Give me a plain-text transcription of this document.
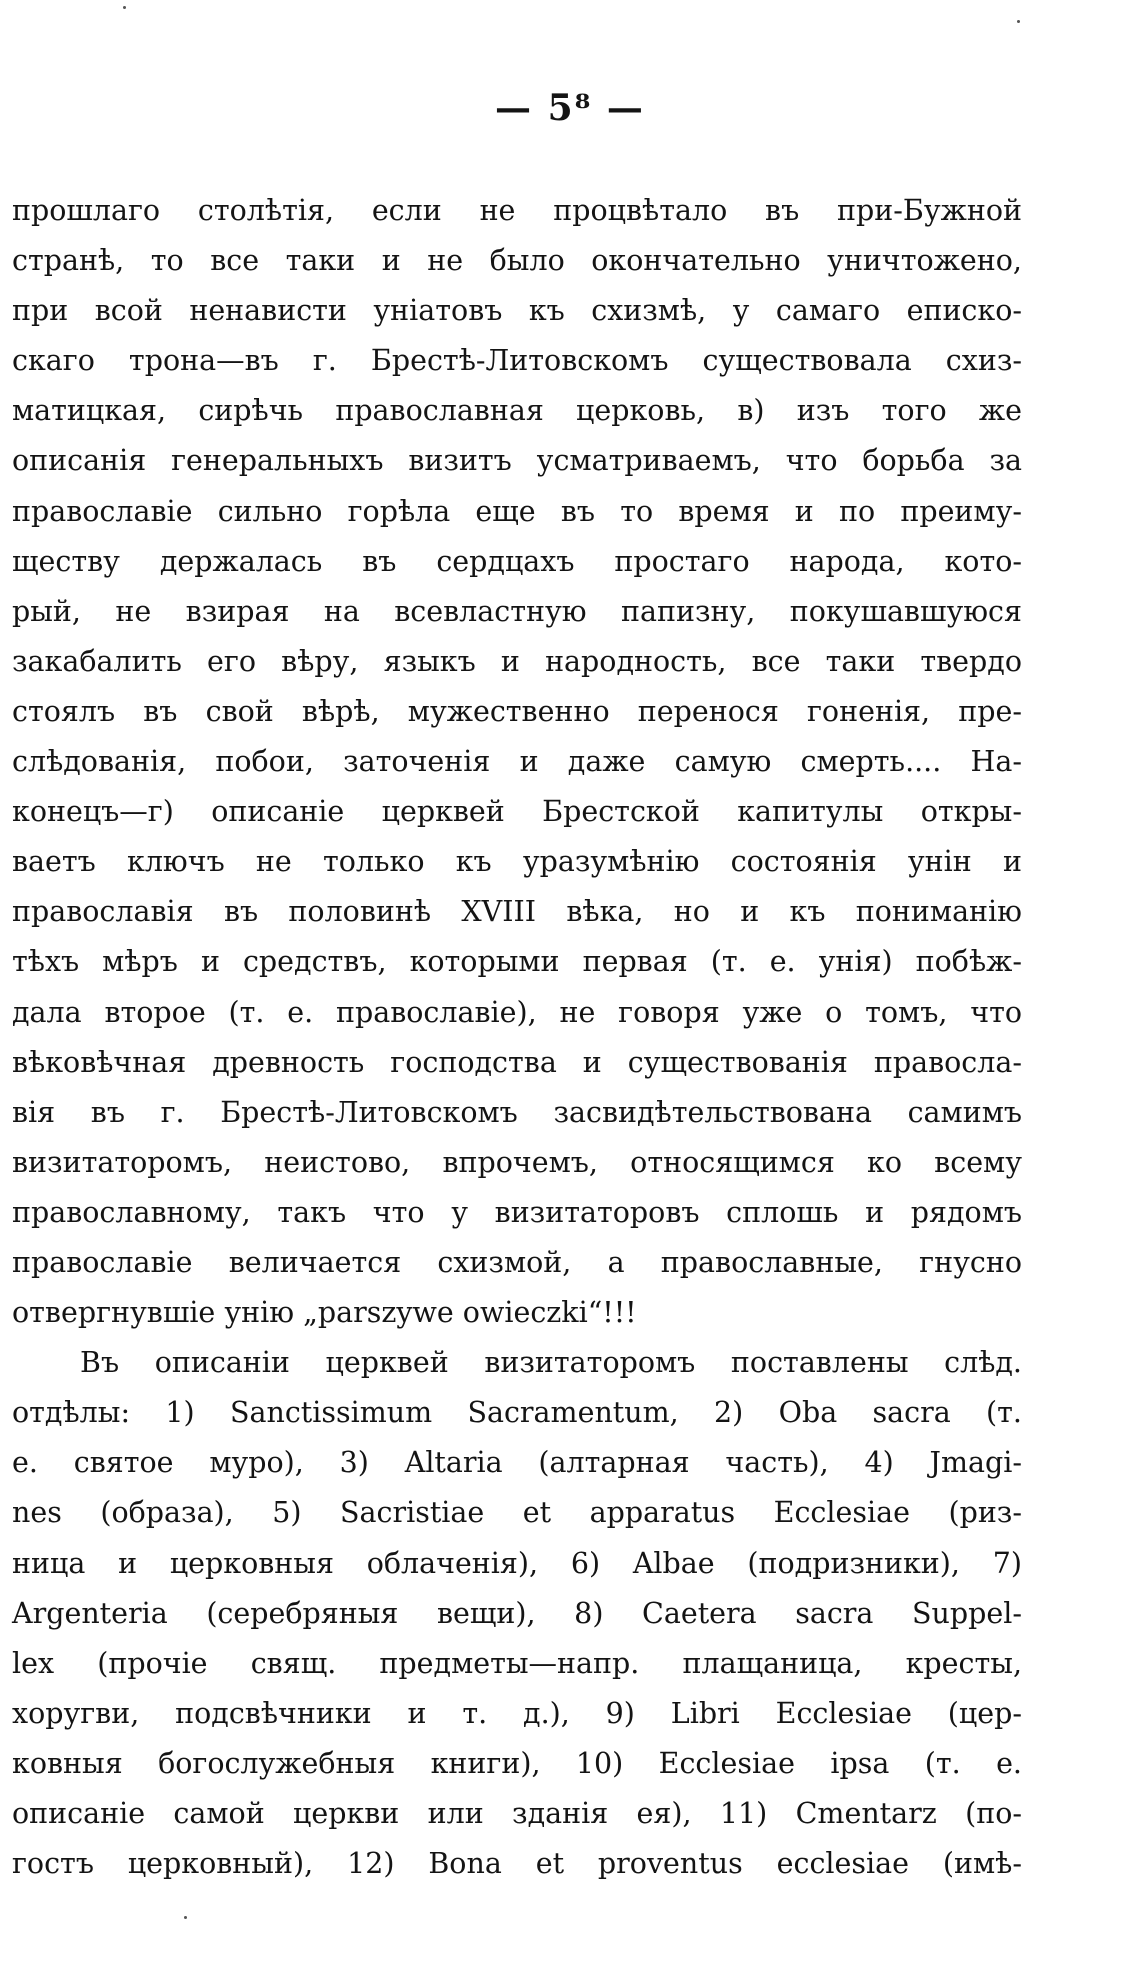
— 5⁸ —
прошлаго столѣтія, если не процвѣтало въ при-Бужной
странѣ, то все таки и не было окончательно уничтожено,
при всой ненависти уніатовъ къ схизмѣ, у самаго еписко-
скаго трона—въ г. Брестѣ-Литовскомъ существовала схиз-
матицкая, сирѣчь православная церковь, в) изъ того же
описанія генеральныхъ визитъ усматриваемъ, что борьба за
православіе сильно горѣла еще въ то время и по преиму-
ществу держалась въ сердцахъ простаго народа, кото-
рый, не взирая на всевластную папизну, покушавшуюся
закабалить его вѣру, языкъ и народность, все таки твердо
стоялъ въ свой вѣрѣ, мужественно перенося гоненія, пре-
слѣдованія, побои, заточенія и даже самую смерть.... На-
конецъ—г) описаніе церквей Брестской капитулы откры-
ваетъ ключъ не только къ уразумѣнію состоянія унін и
православія въ половинѣ XVIII вѣка, но и къ пониманію
тѣхъ мѣръ и средствъ, которыми первая (т. е. унія) побѣж-
дала второе (т. е. православіе), не говоря уже о томъ, что
вѣковѣчная древность господства и существованія правосла-
вія въ г. Брестѣ-Литовскомъ засвидѣтельствована самимъ
визитаторомъ, неистово, впрочемъ, относящимся ко всему
православному, такъ что у визитаторовъ сплошь и рядомъ
православіе величается схизмой, а православные, гнусно
отвергнувшіе унію „parszywe owieczki“!!!
Въ описаніи церквей визитаторомъ поставлены слѣд.
отдѣлы: 1) Sanctissimum Sacramentum, 2) Oba sacra (т.
е. святое муро), 3) Altaria (алтарная часть), 4) Jmagi-
nes (образа), 5) Sacristiae et apparatus Ecclesiae (риз-
ница и церковныя облаченія), 6) Albae (подризники), 7)
Argenteria (серебряныя вещи), 8) Caetera sacra Suppel-
lex (прочіе свящ. предметы—напр. плащаница, кресты,
хоругви, подсвѣчники и т. д.), 9) Libri Ecclesiae (цер-
ковныя богослужебныя книги), 10) Ecclesiae ipsa (т. е.
описаніе самой церкви или зданія ея), 11) Cmentarz (по-
гостъ церковный), 12) Bona et proventus ecclesiae (имѣ-
